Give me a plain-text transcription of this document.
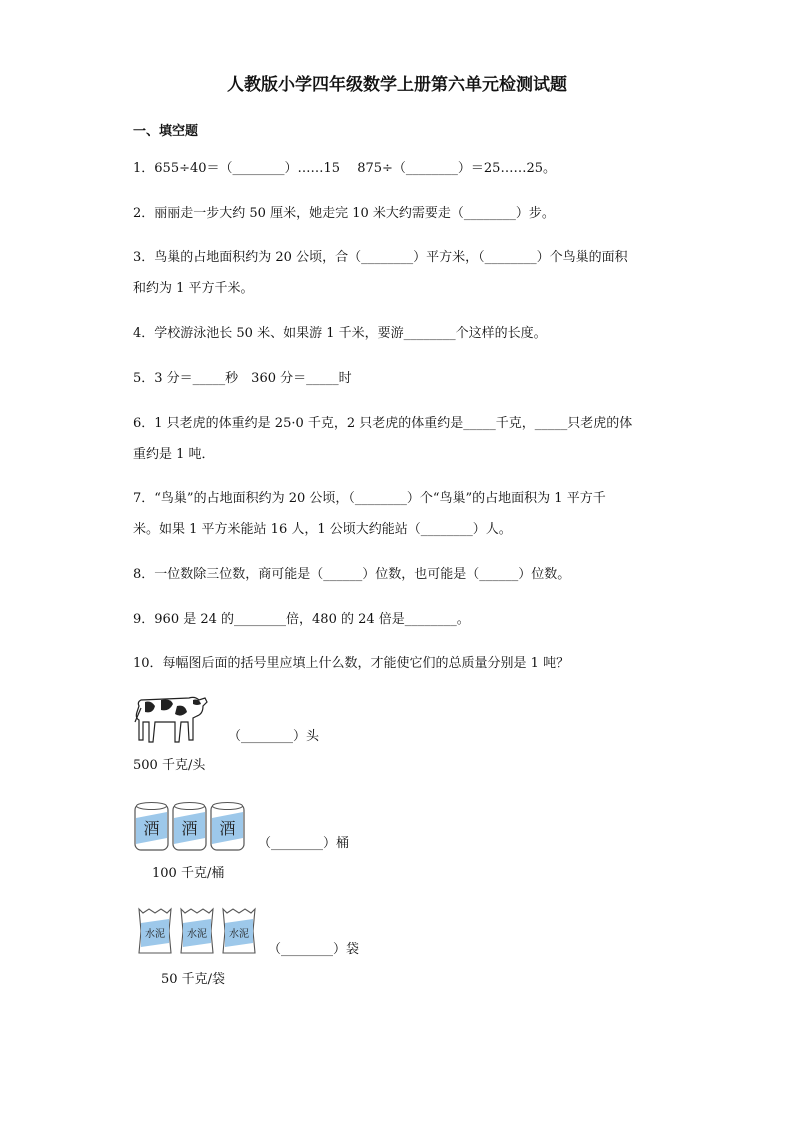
人教版小学四年级数学上册第六单元检测试题
一、填空题
1．655÷40＝（________）……15　 875÷（________）＝25……25。
2．丽丽走一步大约 50 厘米，她走完 10 米大约需要走（________）步。
3．鸟巢的占地面积约为 20 公顷，合（________）平方米，（________）个鸟巢的面积
和约为 1 平方千米。
4．学校游泳池长 50 米、如果游 1 千米，要游________个这样的长度。
5．3 分＝_____秒　360 分＝_____时
6．1 只老虎的体重约是 25·0 千克，2 只老虎的体重约是_____千克，_____只老虎的体
重约是 1 吨．
7．“鸟巢”的占地面积约为 20 公顷，（________）个“鸟巢”的占地面积为 1 平方千
米。如果 1 平方米能站 16 人，1 公顷大约能站（________）人。
8．一位数除三位数，商可能是（______）位数，也可能是（______）位数。
9．960 是 24 的________倍，480 的 24 倍是________。
10．每幅图后面的括号里应填上什么数，才能使它们的总质量分别是 1 吨？
（________）头
500 千克/头
酒 酒 酒
（________）桶
100 千克/桶
水泥 水泥 水泥
（________）袋
50 千克/袋
